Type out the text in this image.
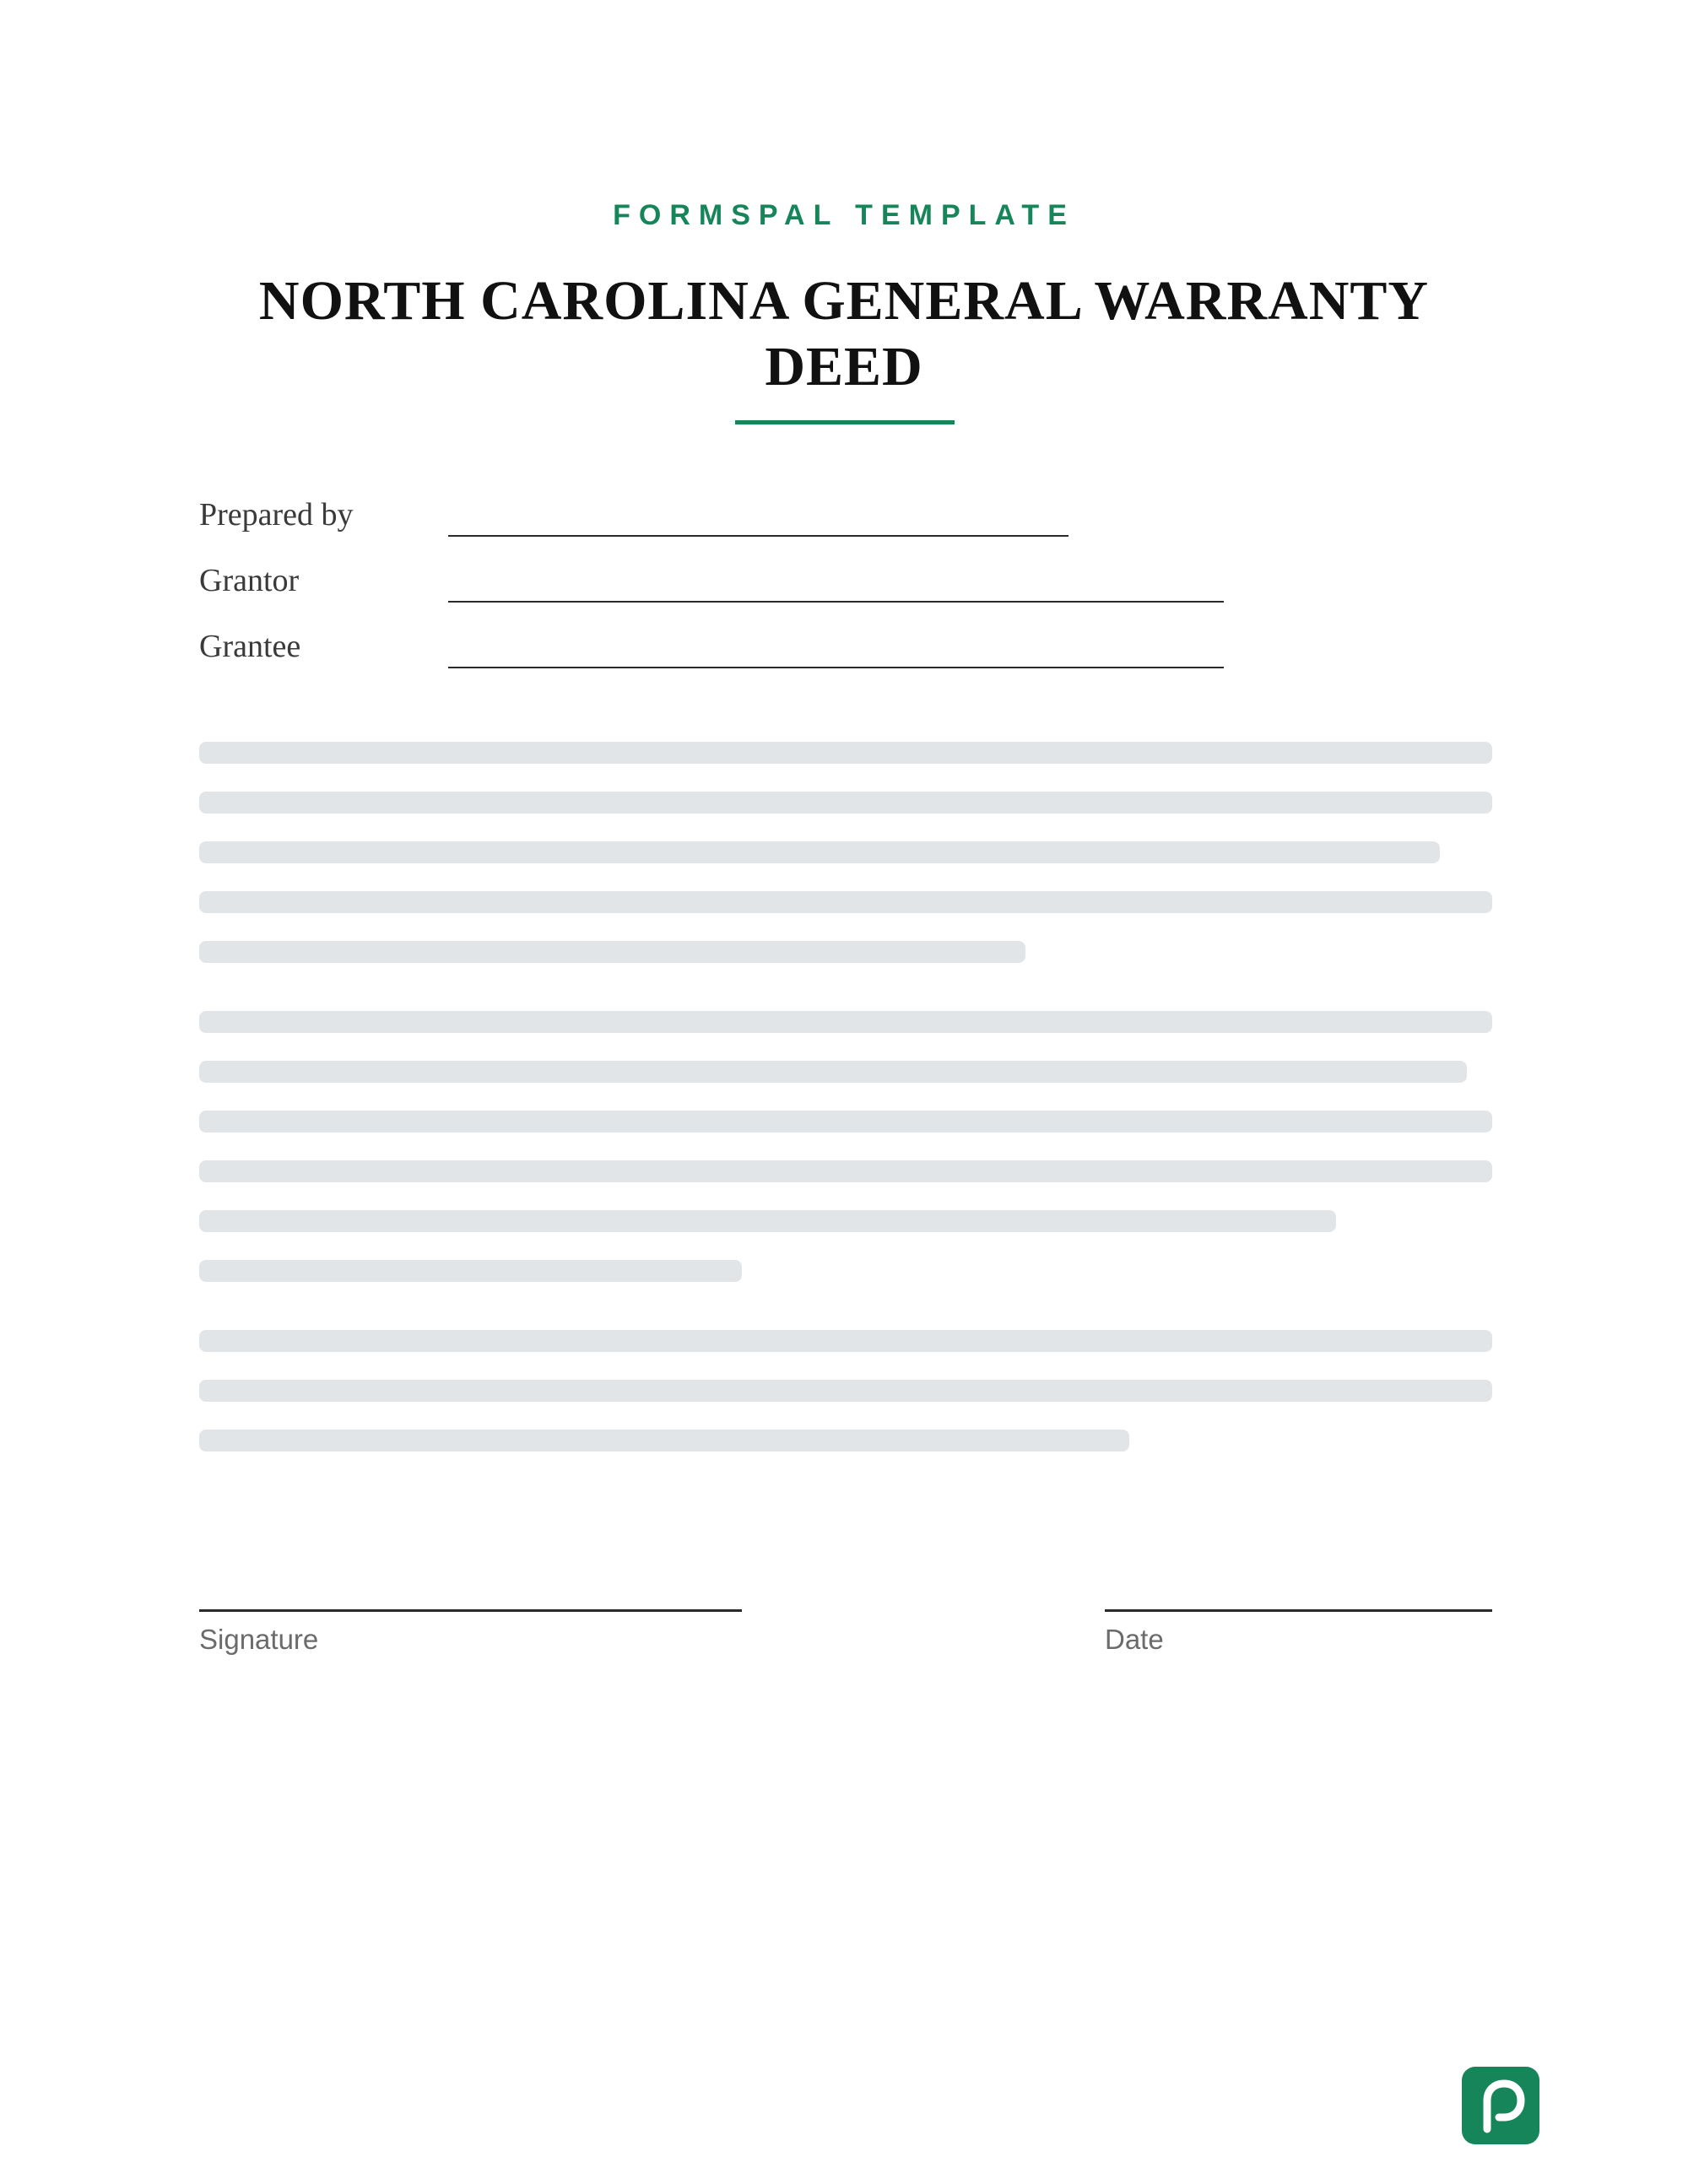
FORMSPAL TEMPLATE
NORTH CAROLINA GENERAL WARRANTY DEED
Prepared by
Grantor
Grantee
Signature	Date
